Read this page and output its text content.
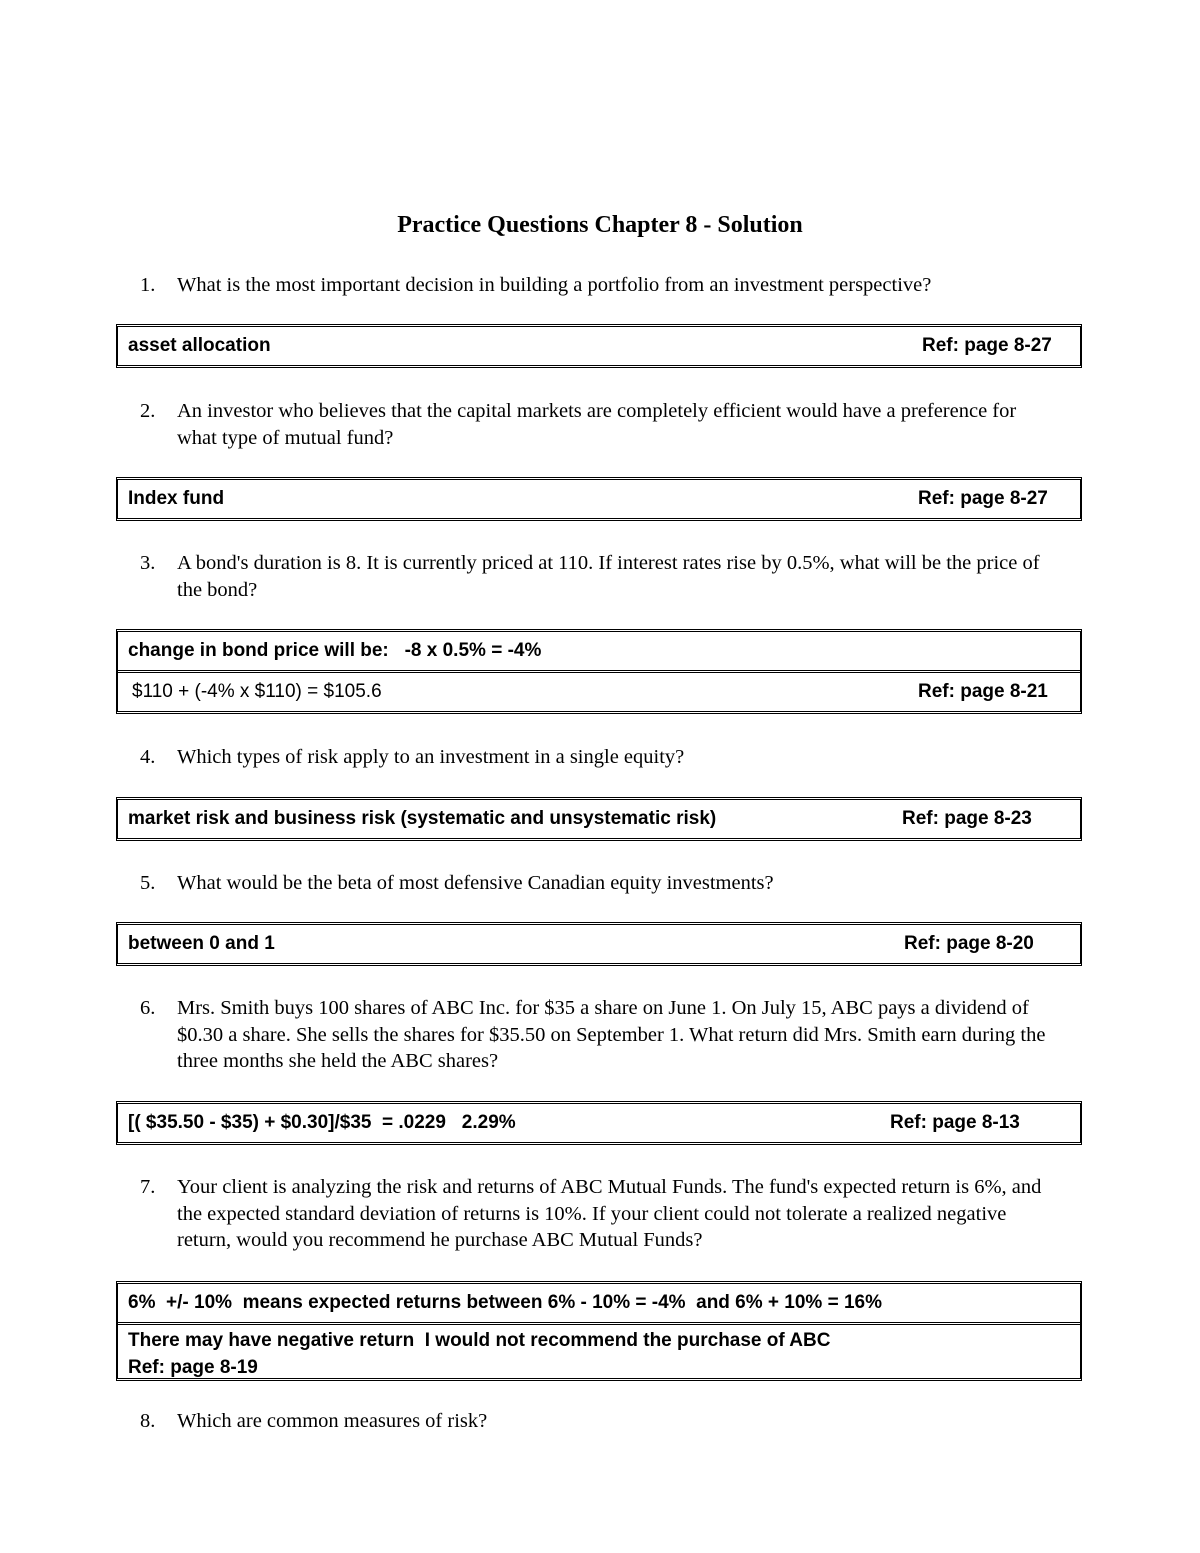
Practice Questions Chapter 8 - Solution
1. What is the most important decision in building a portfolio from an investment perspective?
asset allocation	Ref: page 8-27
2. An investor who believes that the capital markets are completely efficient would have a preference for what type of mutual fund?
Index fund	Ref: page 8-27
3. A bond's duration is 8. It is currently priced at 110. If interest rates rise by 0.5%, what will be the price of the bond?
change in bond price will be:   -8 x 0.5% = -4%
$110 + (-4% x $110) = $105.6	Ref: page 8-21
4. Which types of risk apply to an investment in a single equity?
market risk and business risk (systematic and unsystematic risk)	Ref: page 8-23
5. What would be the beta of most defensive Canadian equity investments?
between 0 and 1	Ref: page 8-20
6. Mrs. Smith buys 100 shares of ABC Inc. for $35 a share on June 1. On July 15, ABC pays a dividend of $0.30 a share. She sells the shares for $35.50 on September 1. What return did Mrs. Smith earn during the three months she held the ABC shares?
[( $35.50 - $35) + $0.30]/$35  = .0229   2.29%	Ref: page 8-13
7. Your client is analyzing the risk and returns of ABC Mutual Funds. The fund's expected return is 6%, and the expected standard deviation of returns is 10%. If your client could not tolerate a realized negative return, would you recommend he purchase ABC Mutual Funds?
6%  +/- 10%  means expected returns between 6% - 10% = -4%  and 6% + 10% = 16%
There may have negative return  I would not recommend the purchase of ABC
Ref: page 8-19
8. Which are common measures of risk?
